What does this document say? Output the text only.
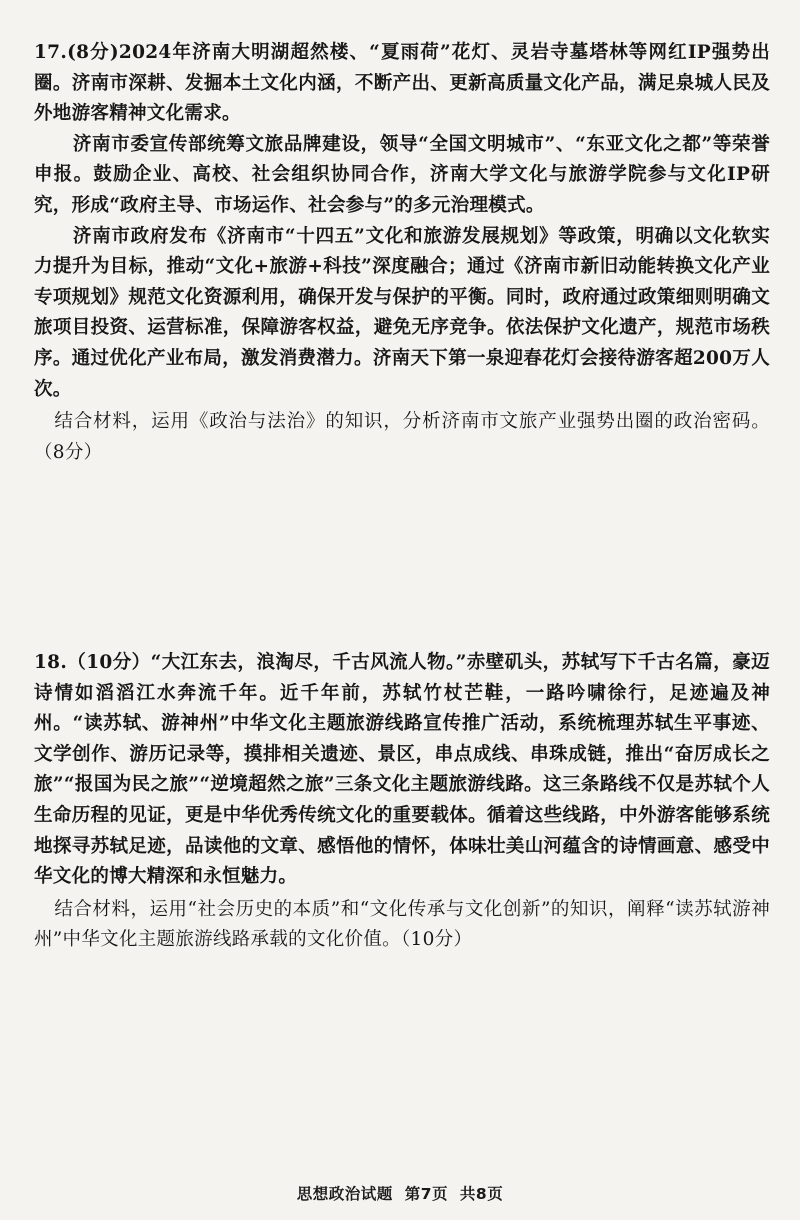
17.(8分)2024年济南大明湖超然楼、“夏雨荷”花灯、灵岩寺墓塔林等网红IP强势出圈。济南市深耕、发掘本土文化内涵，不断产出、更新高质量文化产品，满足泉城人民及外地游客精神文化需求。

济南市委宣传部统筹文旅品牌建设，领导“全国文明城市”、“东亚文化之都”等荣誉申报。鼓励企业、高校、社会组织协同合作，济南大学文化与旅游学院参与文化IP研究，形成“政府主导、市场运作、社会参与”的多元治理模式。

济南市政府发布《济南市“十四五”文化和旅游发展规划》等政策，明确以文化软实力提升为目标，推动“文化+旅游+科技”深度融合；通过《济南市新旧动能转换文化产业专项规划》规范文化资源利用，确保开发与保护的平衡。同时，政府通过政策细则明确文旅项目投资、运营标准，保障游客权益，避免无序竞争。依法保护文化遗产，规范市场秩序。通过优化产业布局，激发消费潜力。济南天下第一泉迎春花灯会接待游客超200万人次。

结合材料，运用《政治与法治》的知识，分析济南市文旅产业强势出圈的政治密码。（8分）

18.（10分）“大江东去，浪淘尽，千古风流人物。”赤壁矶头，苏轼写下千古名篇，豪迈诗情如滔滔江水奔流千年。近千年前，苏轼竹杖芒鞋，一路吟啸徐行，足迹遍及神州。“读苏轼、游神州”中华文化主题旅游线路宣传推广活动，系统梳理苏轼生平事迹、文学创作、游历记录等，摸排相关遗迹、景区，串点成线、串珠成链，推出“奋厉成长之旅”“报国为民之旅”“逆境超然之旅”三条文化主题旅游线路。这三条路线不仅是苏轼个人生命历程的见证，更是中华优秀传统文化的重要载体。循着这些线路，中外游客能够系统地探寻苏轼足迹，品读他的文章、感悟他的情怀，体味壮美山河蕴含的诗情画意、感受中华文化的博大精深和永恒魅力。

结合材料，运用“社会历史的本质”和“文化传承与文化创新”的知识，阐释“读苏轼游神州”中华文化主题旅游线路承载的文化价值。（10分）

思想政治试题 第7页 共8页
